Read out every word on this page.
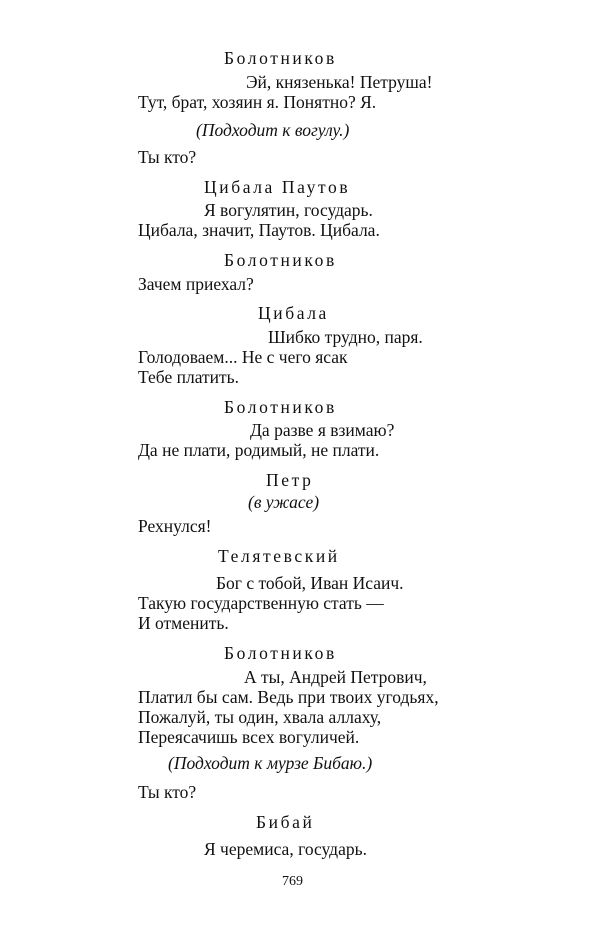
Болотников
Эй, князенька! Петруша!
Тут, брат, хозяин я. Понятно? Я.
(Подходит к вогулу.)
Ты кто?
Цибала Паутов
Я вогулятин, государь.
Цибала, значит, Паутов. Цибала.
Болотников
Зачем приехал?
Цибала
Шибко трудно, паря.
Голодоваем... Не с чего ясак
Тебе платить.
Болотников
Да разве я взимаю?
Да не плати, родимый, не плати.
Петр
(в ужасе)
Рехнулся!
Телятевский
Бог с тобой, Иван Исаич.
Такую государственную стать —
И отменить.
Болотников
А ты, Андрей Петрович,
Платил бы сам. Ведь при твоих угодьях,
Пожалуй, ты один, хвала аллаху,
Переясачишь всех вогуличей.
(Подходит к мурзе Бибаю.)
Ты кто?
Бибай
Я черемиса, государь.
769
